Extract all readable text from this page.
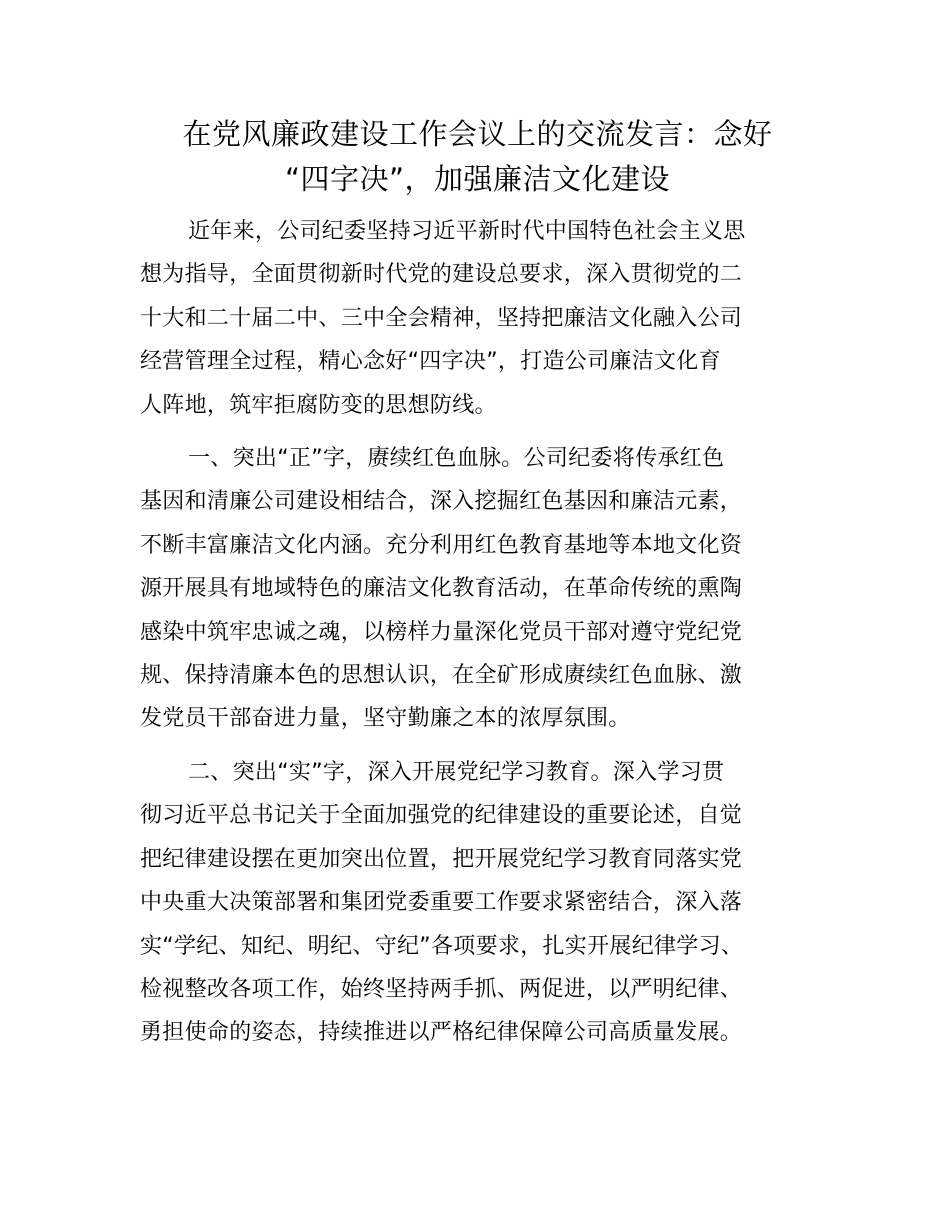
在党风廉政建设工作会议上的交流发言：念好
“四字决”，加强廉洁文化建设
近年来，公司纪委坚持习近平新时代中国特色社会主义思
想为指导，全面贯彻新时代党的建设总要求，深入贯彻党的二
十大和二十届二中、三中全会精神，坚持把廉洁文化融入公司
经营管理全过程，精心念好“四字决”，打造公司廉洁文化育
人阵地，筑牢拒腐防变的思想防线。
一、突出“正”字，赓续红色血脉。公司纪委将传承红色
基因和清廉公司建设相结合，深入挖掘红色基因和廉洁元素，
不断丰富廉洁文化内涵。充分利用红色教育基地等本地文化资
源开展具有地域特色的廉洁文化教育活动，在革命传统的熏陶
感染中筑牢忠诚之魂，以榜样力量深化党员干部对遵守党纪党
规、保持清廉本色的思想认识，在全矿形成赓续红色血脉、激
发党员干部奋进力量，坚守勤廉之本的浓厚氛围。
二、突出“实”字，深入开展党纪学习教育。深入学习贯
彻习近平总书记关于全面加强党的纪律建设的重要论述，自觉
把纪律建设摆在更加突出位置，把开展党纪学习教育同落实党
中央重大决策部署和集团党委重要工作要求紧密结合，深入落
实“学纪、知纪、明纪、守纪”各项要求，扎实开展纪律学习、
检视整改各项工作，始终坚持两手抓、两促进，以严明纪律、
勇担使命的姿态，持续推进以严格纪律保障公司高质量发展。
